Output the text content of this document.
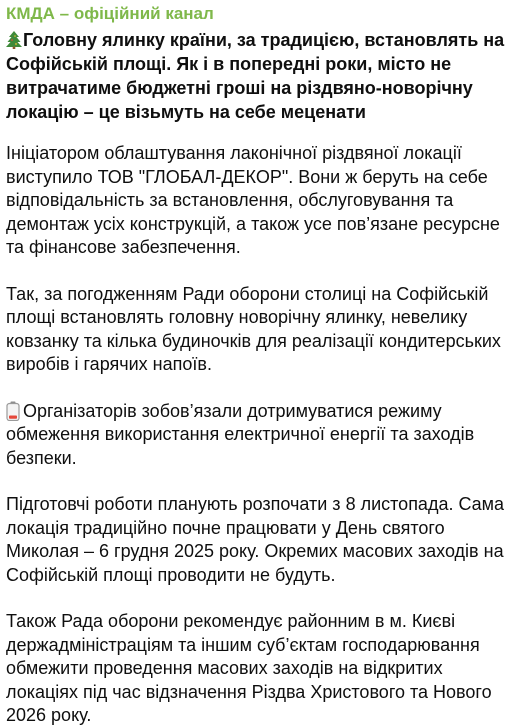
КМДА – офіційний канал

Головну ялинку країни, за традицією, встановлять на Софійській площі. Як і в попередні роки, місто не витрачатиме бюджетні гроші на різдвяно-новорічну локацію – це візьмуть на себе меценати

Ініціатором облаштування лаконічної різдвяної локації виступило ТОВ "ГЛОБАЛ-ДЕКОР". Вони ж беруть на себе відповідальність за встановлення, обслуговування та демонтаж усіх конструкцій, а також усе пов’язане ресурсне та фінансове забезпечення.

Так, за погодженням Ради оборони столиці на Софійській площі встановлять головну новорічну ялинку, невелику ковзанку та кілька будиночків для реалізації кондитерських виробів і гарячих напоїв.

Організаторів зобов’язали дотримуватися режиму обмеження використання електричної енергії та заходів безпеки.

Підготовчі роботи планують розпочати з 8 листопада. Сама локація традиційно почне працювати у День святого Миколая – 6 грудня 2025 року. Окремих масових заходів на Софійській площі проводити не будуть.

Також Рада оборони рекомендує районним в м. Києві держадміністраціям та іншим суб’єктам господарювання обмежити проведення масових заходів на відкритих локаціях під час відзначення Різдва Христового та Нового 2026 року.
